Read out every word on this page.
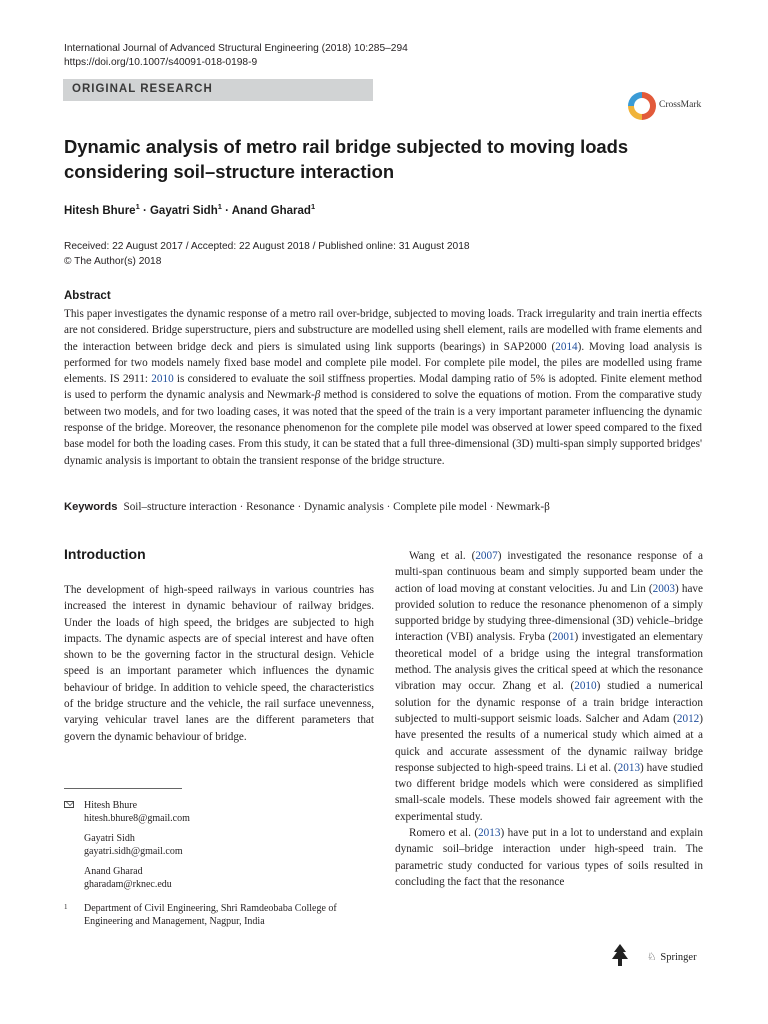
International Journal of Advanced Structural Engineering (2018) 10:285–294
https://doi.org/10.1007/s40091-018-0198-9
ORIGINAL RESEARCH
CrossMark
Dynamic analysis of metro rail bridge subjected to moving loads
considering soil–structure interaction
Hitesh Bhure$^1$ · Gayatri Sidh$^1$ · Anand Gharad$^1$
Received: 22 August 2017 / Accepted: 22 August 2018 / Published online: 31 August 2018
© The Author(s) 2018
Abstract

This paper investigates the dynamic response of a metro rail over-bridge, subjected to moving loads. Track irregularity and train inertia effects are not considered. Bridge superstructure, piers and substructure are modelled using shell element, rails are modelled with frame elements and the interaction between bridge deck and piers is simulated using link supports (bearings) in SAP2000 (2014). Moving load analysis is performed for two models namely fixed base model and complete pile model. For complete pile model, the piles are modelled using frame elements. IS 2911: 2010 is considered to evaluate the soil stiffness properties. Modal damping ratio of 5% is adopted. Finite element method is used to perform the dynamic analysis and Newmark-β method is considered to solve the equations of motion. From the comparative study between two models, and for two loading cases, it was noted that the speed of the train is a very important parameter influencing the dynamic response of the bridge. Moreover, the resonance phenomenon for the complete pile model was observed at lower speed compared to the fixed base model for both the loading cases. From this study, it can be stated that a full three-dimensional (3D) multi-span simply supported bridges' dynamic analysis is important to obtain the transient response of the bridge structure.

Keywords Soil–structure interaction · Resonance · Dynamic analysis · Complete pile model · Newmark-β
Introduction

The development of high-speed railways in various countries has increased the interest in dynamic behaviour of railway bridges. Under the loads of high speed, the bridges are subjected to high impacts. The dynamic aspects are of special interest and have often shown to be the governing factor in the structural design. Vehicle speed is an important parameter which influences the dynamic behaviour of bridge. In addition to vehicle speed, the characteristics of the bridge structure and the vehicle, the rail surface unevenness, varying vehicular travel lanes are the different parameters that govern the dynamic behaviour of bridge.

Hitesh Bhure
hitesh.bhure8@gmail.com
Gayatri Sidh
gayatri.sidh@gmail.com
Anand Gharad
gharadam@rknec.edu
1 Department of Civil Engineering, Shri Ramdeobaba College of Engineering and Management, Nagpur, India

Wang et al. (2007) investigated the resonance response of a multi-span continuous beam and simply supported beam under the action of load moving at constant velocities. Ju and Lin (2003) have provided solution to reduce the resonance phenomenon of a simply supported bridge by studying three-dimensional (3D) vehicle–bridge interaction (VBI) analysis. Fryba (2001) investigated an elementary theoretical model of a bridge using the integral transformation method. The analysis gives the critical speed at which the resonance vibration may occur. Zhang et al. (2010) studied a numerical solution for the dynamic response of a train bridge interaction subjected to multi-support seismic loads. Salcher and Adam (2012) have presented the results of a numerical study which aimed at a quick and accurate assessment of the dynamic railway bridge response subjected to high-speed trains. Li et al. (2013) have studied two different bridge models which were considered as simplified small-scale models. These models showed fair agreement with the experimental study.

Romero et al. (2013) have put in a lot to understand and explain dynamic soil–bridge interaction under high-speed train. The parametric study conducted for various types of soils resulted in concluding the fact that the resonance

♘ Springer
